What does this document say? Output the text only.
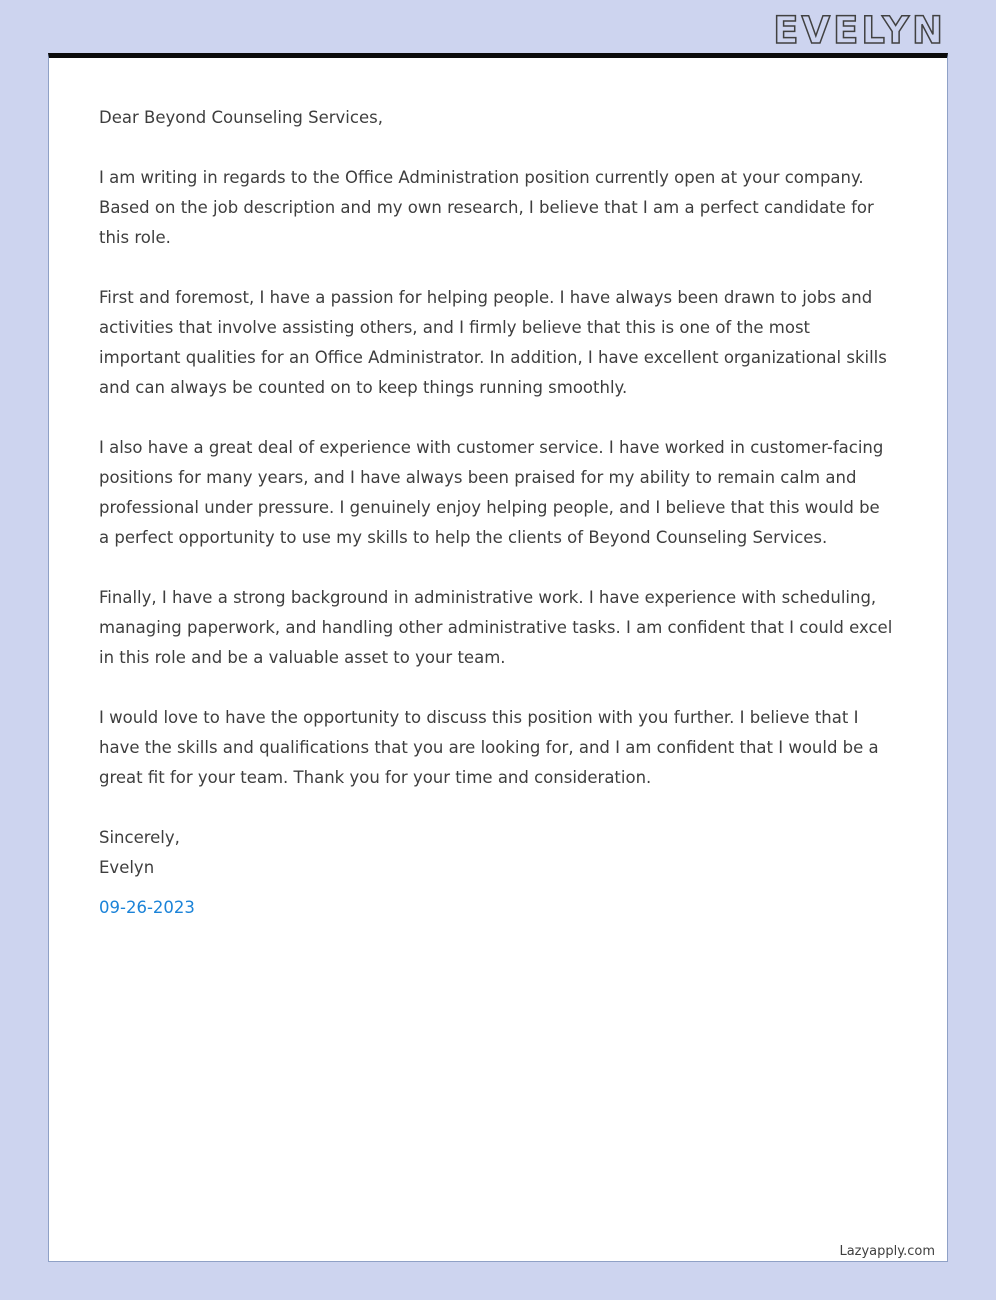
EVELYN

Dear Beyond Counseling Services,

I am writing in regards to the Office Administration position currently open at your company. Based on the job description and my own research, I believe that I am a perfect candidate for this role.

First and foremost, I have a passion for helping people. I have always been drawn to jobs and activities that involve assisting others, and I firmly believe that this is one of the most important qualities for an Office Administrator. In addition, I have excellent organizational skills and can always be counted on to keep things running smoothly.

I also have a great deal of experience with customer service. I have worked in customer-facing positions for many years, and I have always been praised for my ability to remain calm and professional under pressure. I genuinely enjoy helping people, and I believe that this would be a perfect opportunity to use my skills to help the clients of Beyond Counseling Services.

Finally, I have a strong background in administrative work. I have experience with scheduling, managing paperwork, and handling other administrative tasks. I am confident that I could excel in this role and be a valuable asset to your team.

I would love to have the opportunity to discuss this position with you further. I believe that I have the skills and qualifications that you are looking for, and I am confident that I would be a great fit for your team. Thank you for your time and consideration.

Sincerely,
Evelyn

09-26-2023

Lazyapply.com
